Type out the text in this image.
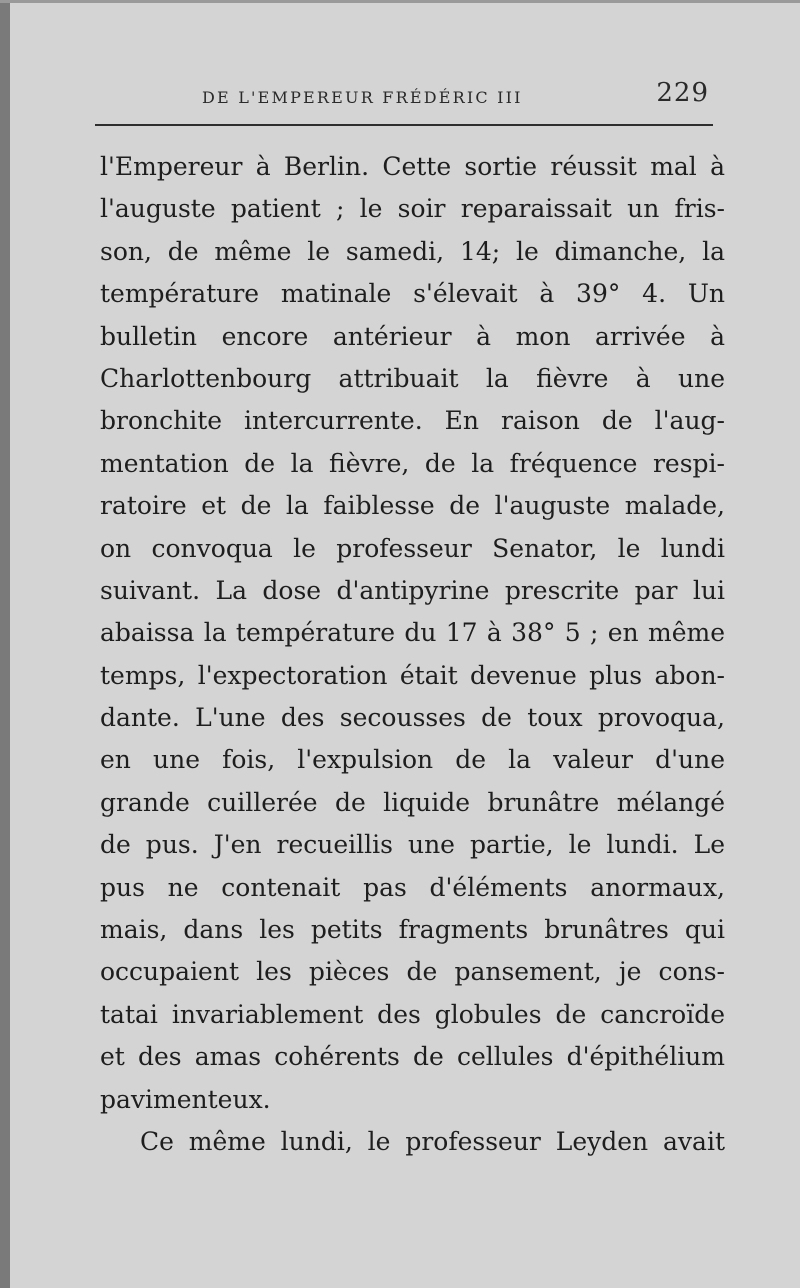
DE L'EMPEREUR FRÉDÉRIC III	229
l'Empereur à Berlin. Cette sortie réussit mal à
l'auguste patient ; le soir reparaissait un fris-
son, de même le samedi, 14; le dimanche, la
température matinale s'élevait à 39° 4. Un
bulletin encore antérieur à mon arrivée à
Charlottenbourg attribuait la fièvre à une
bronchite intercurrente. En raison de l'aug-
mentation de la fièvre, de la fréquence respi-
ratoire et de la faiblesse de l'auguste malade,
on convoqua le professeur Senator, le lundi
suivant. La dose d'antipyrine prescrite par lui
abaissa la température du 17 à 38° 5 ; en même
temps, l'expectoration était devenue plus abon-
dante. L'une des secousses de toux provoqua,
en une fois, l'expulsion de la valeur d'une
grande cuillerée de liquide brunâtre mélangé
de pus. J'en recueillis une partie, le lundi. Le
pus ne contenait pas d'éléments anormaux,
mais, dans les petits fragments brunâtres qui
occupaient les pièces de pansement, je cons-
tatai invariablement des globules de cancroïde
et des amas cohérents de cellules d'épithélium
pavimenteux.
Ce même lundi, le professeur Leyden avait
